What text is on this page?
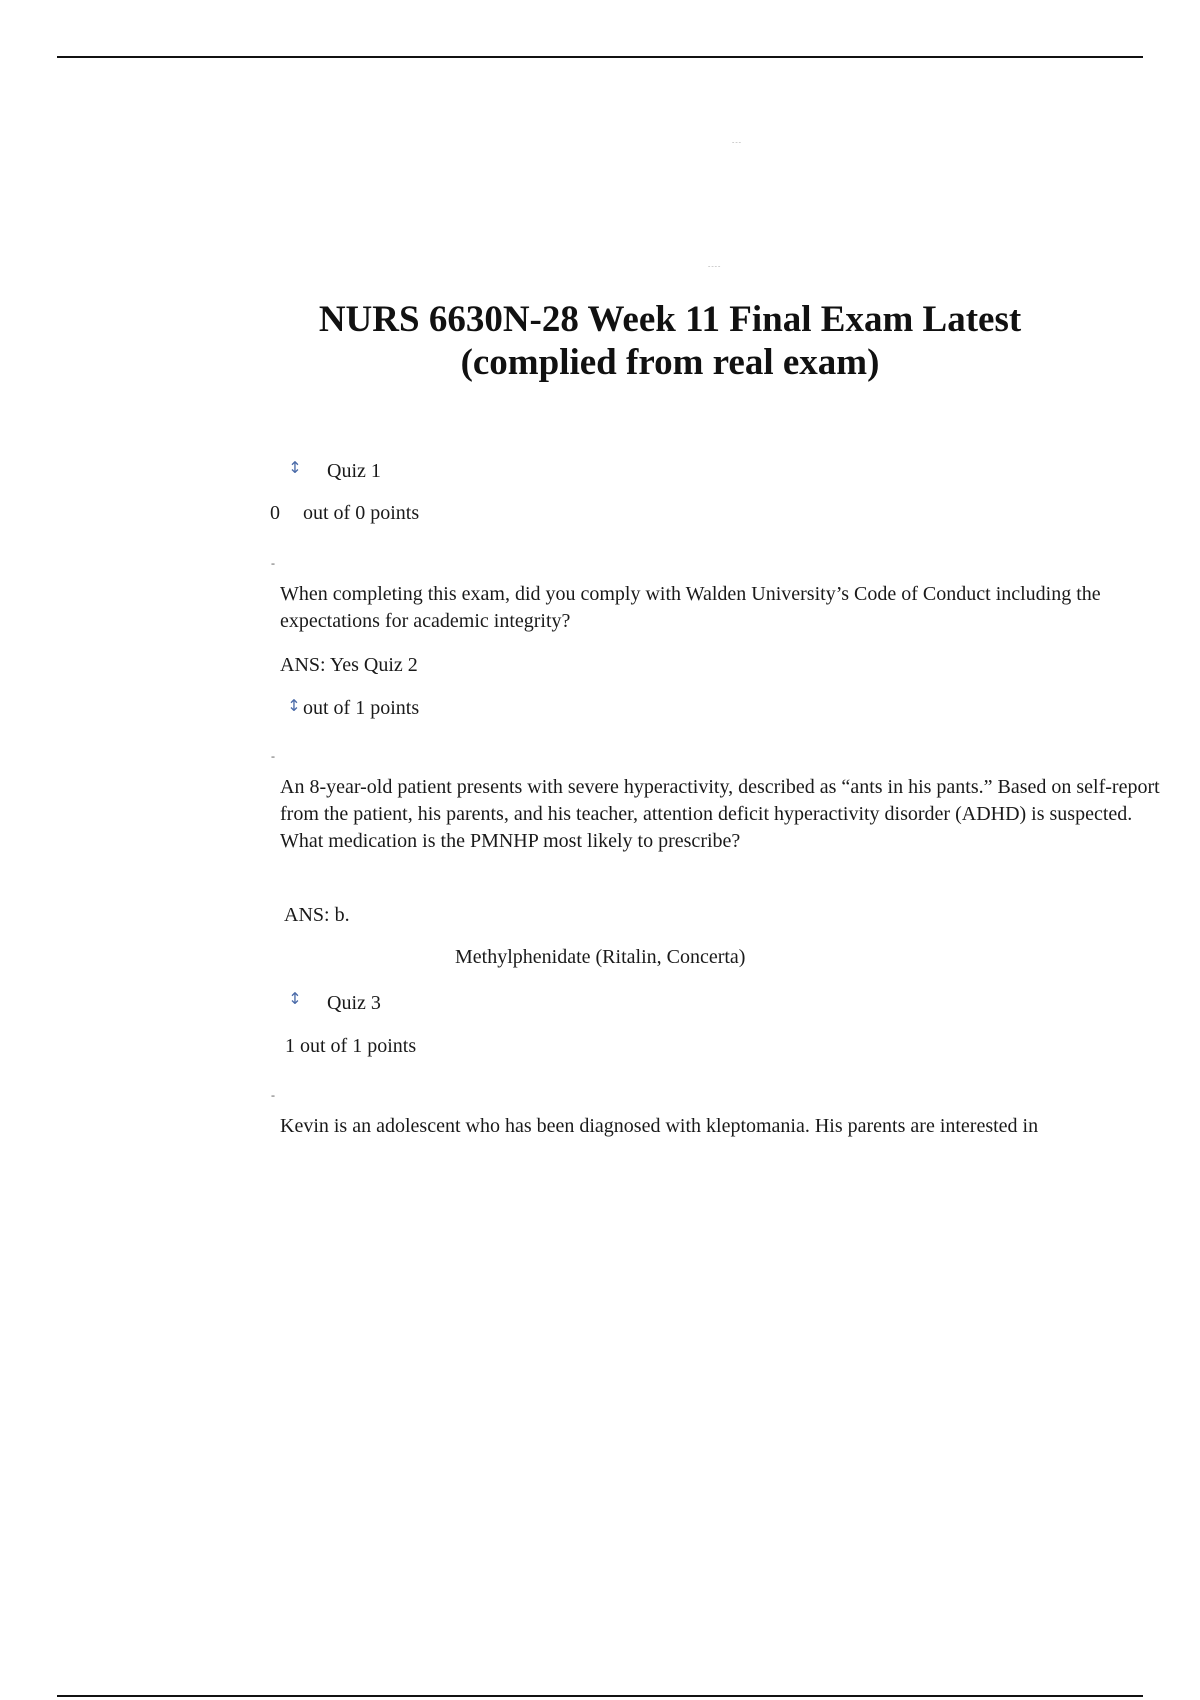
---
----
NURS 6630N-28 Week 11 Final Exam Latest
(complied from real exam)
↕ Quiz 1
0 out of 0 points
-
When completing this exam, did you comply with Walden University’s Code of Conduct including the expectations for academic integrity?
ANS: Yes Quiz 2
↕ out of 1 points
-
An 8-year-old patient presents with severe hyperactivity, described as “ants in his pants.” Based on self-report from the patient, his parents, and his teacher, attention deficit hyperactivity disorder (ADHD) is suspected. What medication is the PMNHP most likely to prescribe?
ANS: b.
Methylphenidate (Ritalin, Concerta)
↕ Quiz 3
1 out of 1 points
-
Kevin is an adolescent who has been diagnosed with kleptomania. His parents are interested in
